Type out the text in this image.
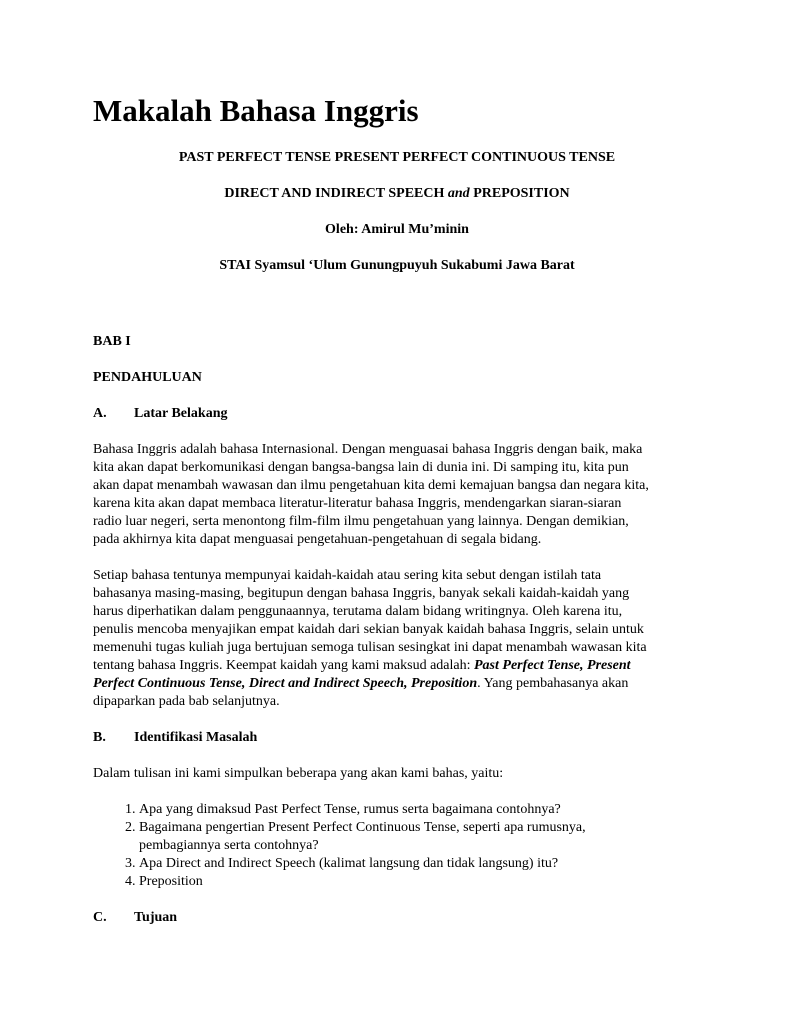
Makalah Bahasa Inggris
PAST PERFECT TENSE PRESENT PERFECT CONTINUOUS TENSE
DIRECT AND INDIRECT SPEECH and PREPOSITION
Oleh: Amirul Mu’minin
STAI Syamsul ‘Ulum Gunungpuyuh Sukabumi Jawa Barat
BAB I
PENDAHULUAN
A. Latar Belakang

Bahasa Inggris adalah bahasa Internasional. Dengan menguasai bahasa Inggris dengan baik, maka
kita akan dapat berkomunikasi dengan bangsa-bangsa lain di dunia ini. Di samping itu, kita pun
akan dapat menambah wawasan dan ilmu pengetahuan kita demi kemajuan bangsa dan negara kita,
karena kita akan dapat membaca literatur-literatur bahasa Inggris, mendengarkan siaran-siaran
radio luar negeri, serta menontong film-film ilmu pengetahuan yang lainnya. Dengan demikian,
pada akhirnya kita dapat menguasai pengetahuan-pengetahuan di segala bidang.

Setiap bahasa tentunya mempunyai kaidah-kaidah atau sering kita sebut dengan istilah tata
bahasanya masing-masing, begitupun dengan bahasa Inggris, banyak sekali kaidah-kaidah yang
harus diperhatikan dalam penggunaannya, terutama dalam bidang writingnya. Oleh karena itu,
penulis mencoba menyajikan empat kaidah dari sekian banyak kaidah bahasa Inggris, selain untuk
memenuhi tugas kuliah juga bertujuan semoga tulisan sesingkat ini dapat menambah wawasan kita
tentang bahasa Inggris. Keempat kaidah yang kami maksud adalah: Past Perfect Tense, Present
Perfect Continuous Tense, Direct and Indirect Speech, Preposition. Yang pembahasanya akan
dipaparkan pada bab selanjutnya.

B. Identifikasi Masalah

Dalam tulisan ini kami simpulkan beberapa yang akan kami bahas, yaitu:

1. Apa yang dimaksud Past Perfect Tense, rumus serta bagaimana contohnya?
2. Bagaimana pengertian Present Perfect Continuous Tense, seperti apa rumusnya,
pembagiannya serta contohnya?
3. Apa Direct and Indirect Speech (kalimat langsung dan tidak langsung) itu?
4. Preposition
C. Tujuan
